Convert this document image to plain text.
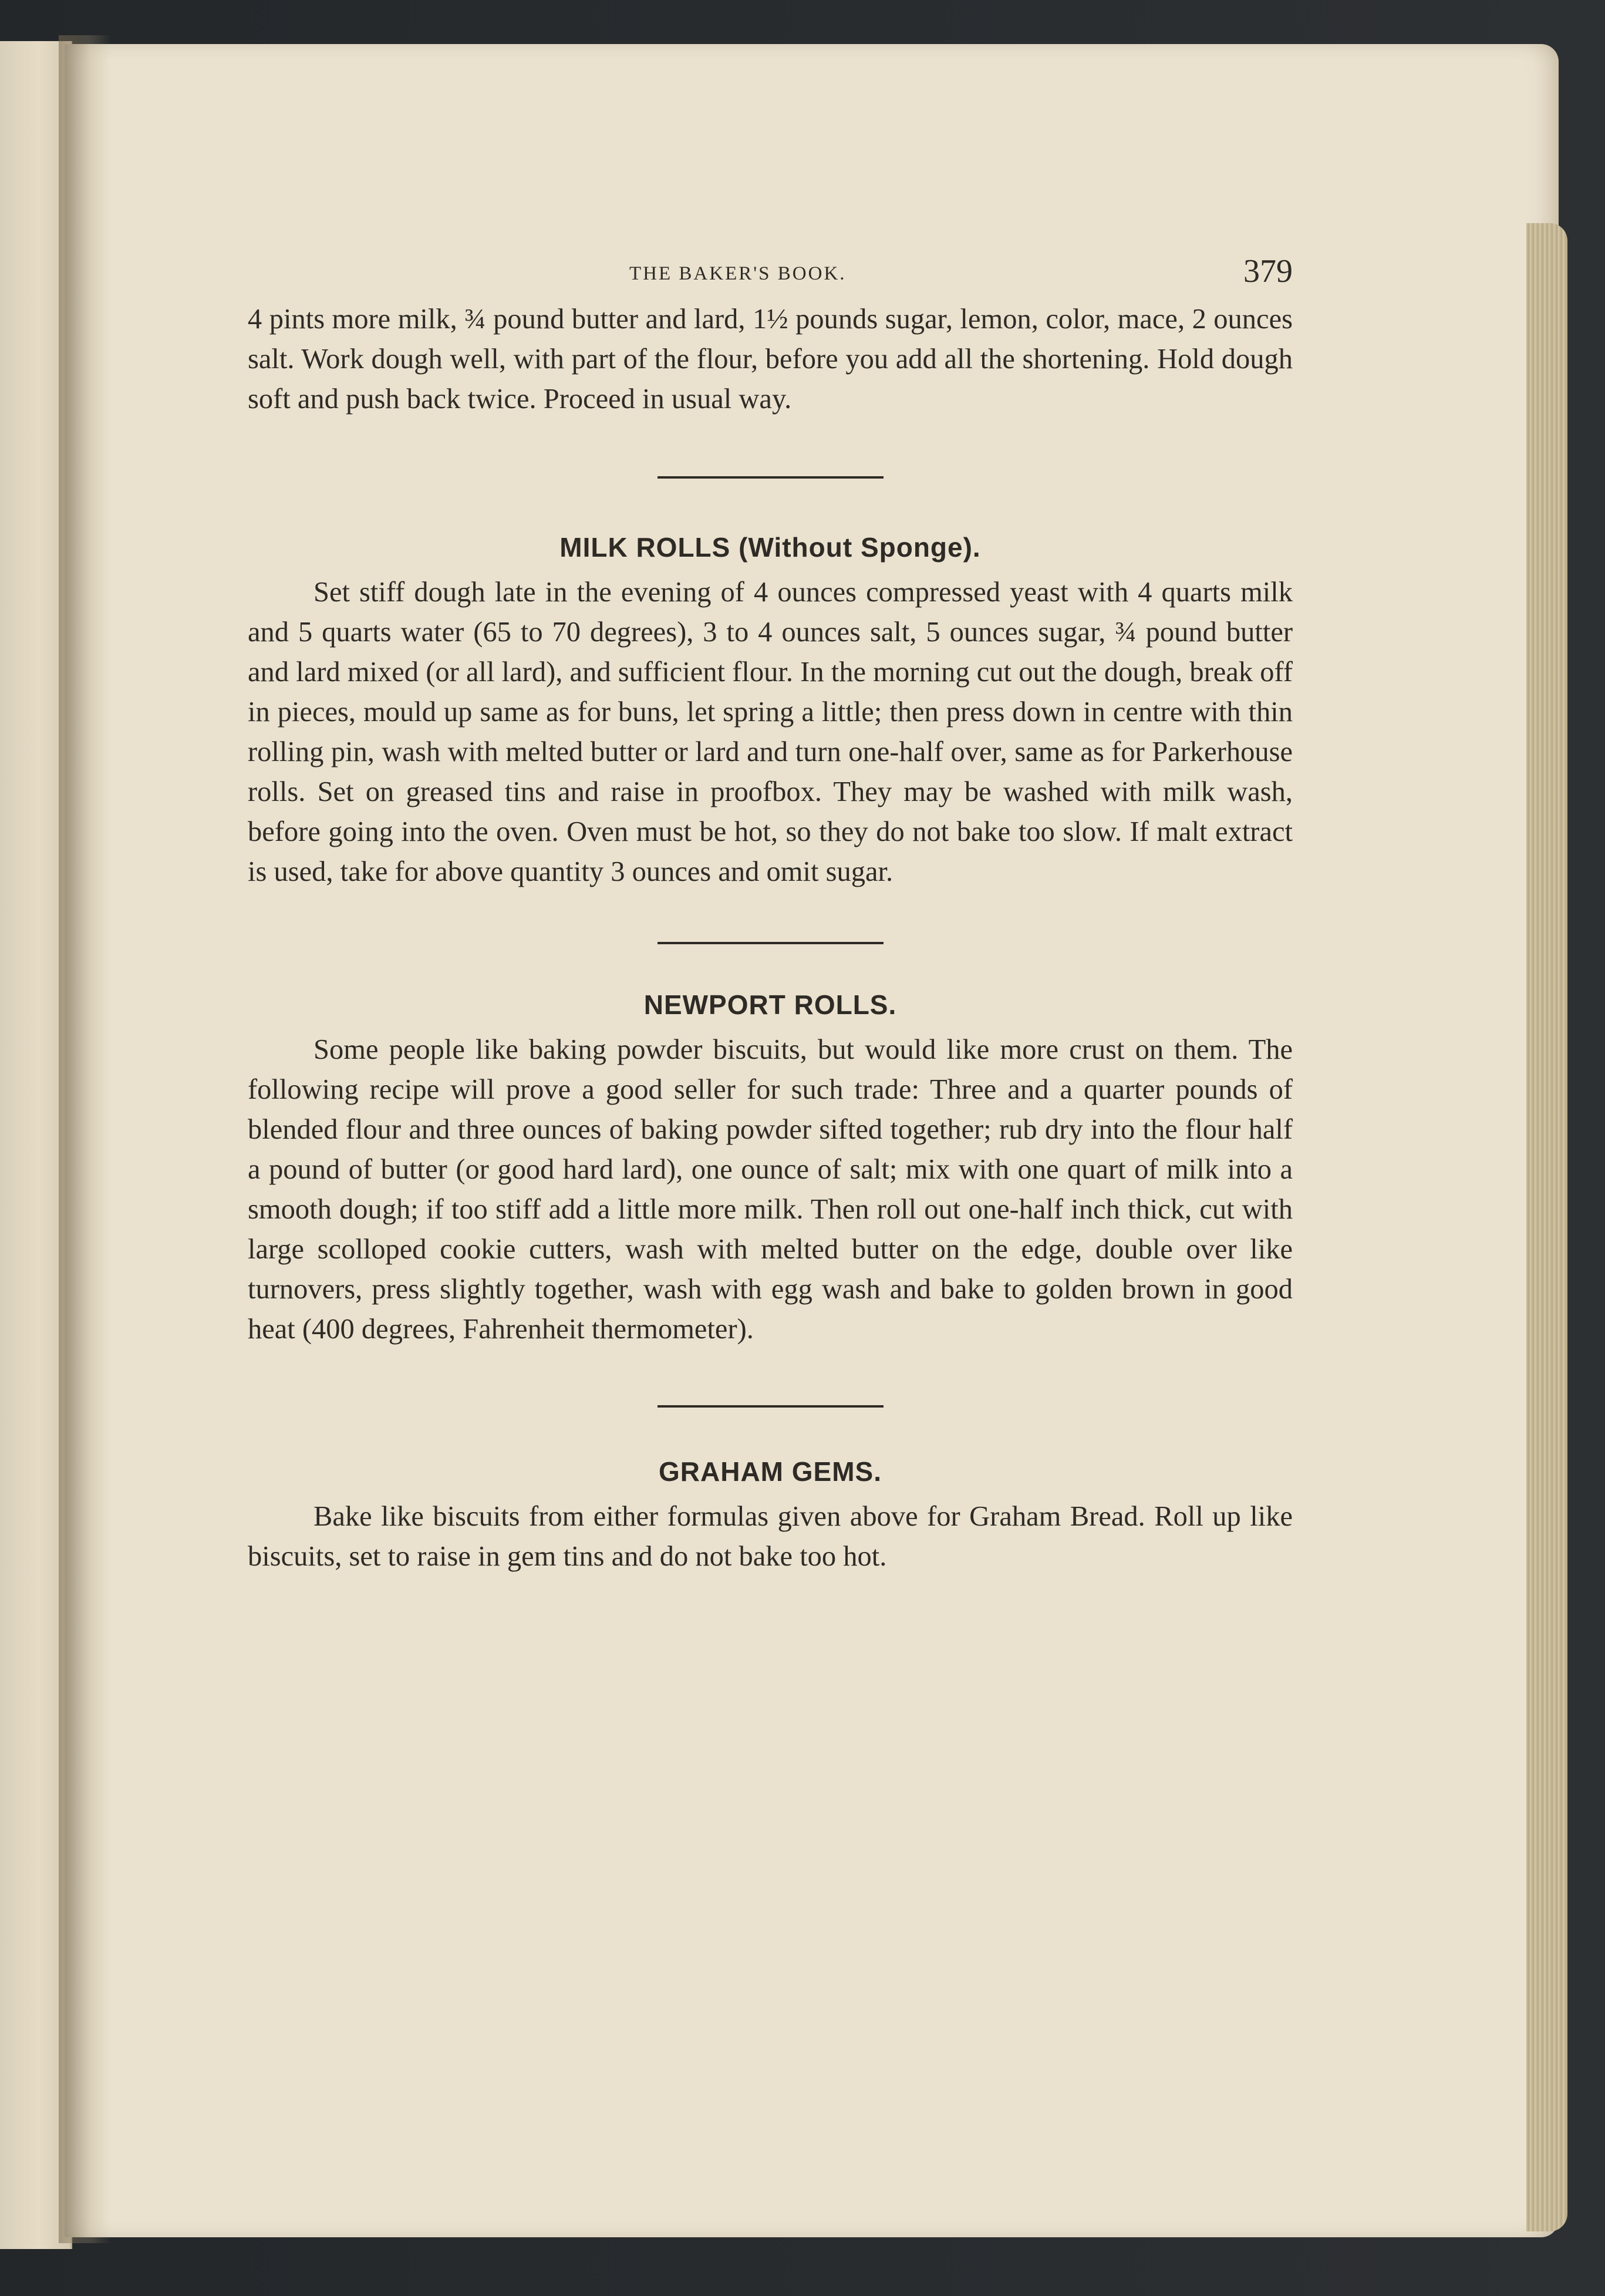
THE BAKER'S BOOK.	379

4 pints more milk, ¾ pound butter and lard, 1½ pounds sugar, lemon, color, mace, 2 ounces salt. Work dough well, with part of the flour, before you add all the shortening. Hold dough soft and push back twice. Proceed in usual way.

MILK ROLLS (Without Sponge).

Set stiff dough late in the evening of 4 ounces compressed yeast with 4 quarts milk and 5 quarts water (65 to 70 degrees), 3 to 4 ounces salt, 5 ounces sugar, ¾ pound butter and lard mixed (or all lard), and sufficient flour. In the morning cut out the dough, break off in pieces, mould up same as for buns, let spring a little; then press down in centre with thin rolling pin, wash with melted butter or lard and turn one-half over, same as for Parkerhouse rolls. Set on greased tins and raise in proofbox. They may be washed with milk wash, before going into the oven. Oven must be hot, so they do not bake too slow. If malt extract is used, take for above quantity 3 ounces and omit sugar.

NEWPORT ROLLS.

Some people like baking powder biscuits, but would like more crust on them. The following recipe will prove a good seller for such trade: Three and a quarter pounds of blended flour and three ounces of baking powder sifted together; rub dry into the flour half a pound of butter (or good hard lard), one ounce of salt; mix with one quart of milk into a smooth dough; if too stiff add a little more milk. Then roll out one-half inch thick, cut with large scolloped cookie cutters, wash with melted butter on the edge, double over like turnovers, press slightly together, wash with egg wash and bake to golden brown in good heat (400 degrees, Fahrenheit thermometer).

GRAHAM GEMS.

Bake like biscuits from either formulas given above for Graham Bread. Roll up like biscuits, set to raise in gem tins and do not bake too hot.
